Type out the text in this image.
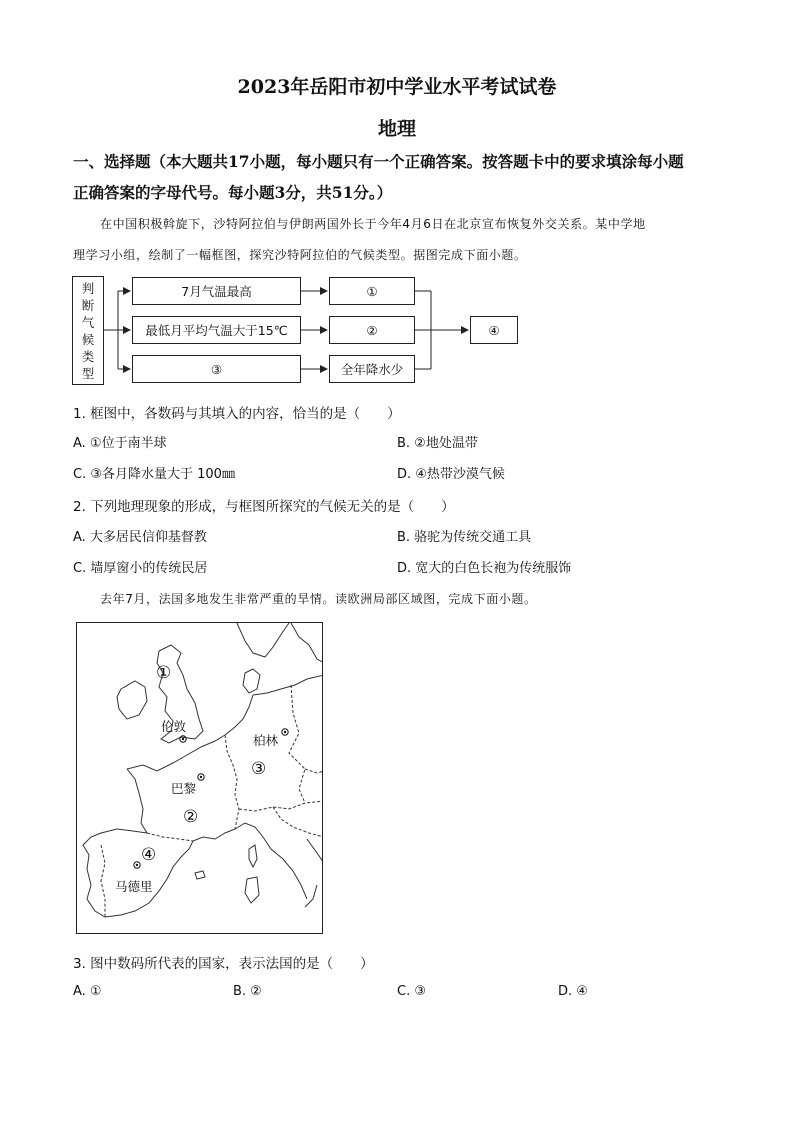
2023年岳阳市初中学业水平考试试卷
地理
一、选择题（本大题共17小题，每小题只有一个正确答案。按答题卡中的要求填涂每小题
正确答案的字母代号。每小题3分，共51分。）
在中国积极斡旋下，沙特阿拉伯与伊朗两国外长于今年4月6日在北京宣布恢复外交关系。某中学地
理学习小组，绘制了一幅框图，探究沙特阿拉伯的气候类型。据图完成下面小题。
判
断
气
候
类
型
7月气温最高
最低月平均气温大于15℃
③
①
②
全年降水少
④
1. 框图中，各数码与其填入的内容，恰当的是（　　）
A. ①位于南半球	B. ②地处温带
C. ③各月降水量大于 100㎜	D. ④热带沙漠气候
2. 下列地理现象的形成，与框图所探究的气候无关的是（　　）
A. 大多居民信仰基督教	B. 骆驼为传统交通工具
C. 墙厚窗小的传统民居	D. 宽大的白色长袍为传统服饰
去年7月，法国多地发生非常严重的旱情。读欧洲局部区域图，完成下面小题。
①
②
③
④
伦敦
巴黎
柏林
马德里
3. 图中数码所代表的国家，表示法国的是（　　）
A. ①	B. ②	C. ③	D. ④
